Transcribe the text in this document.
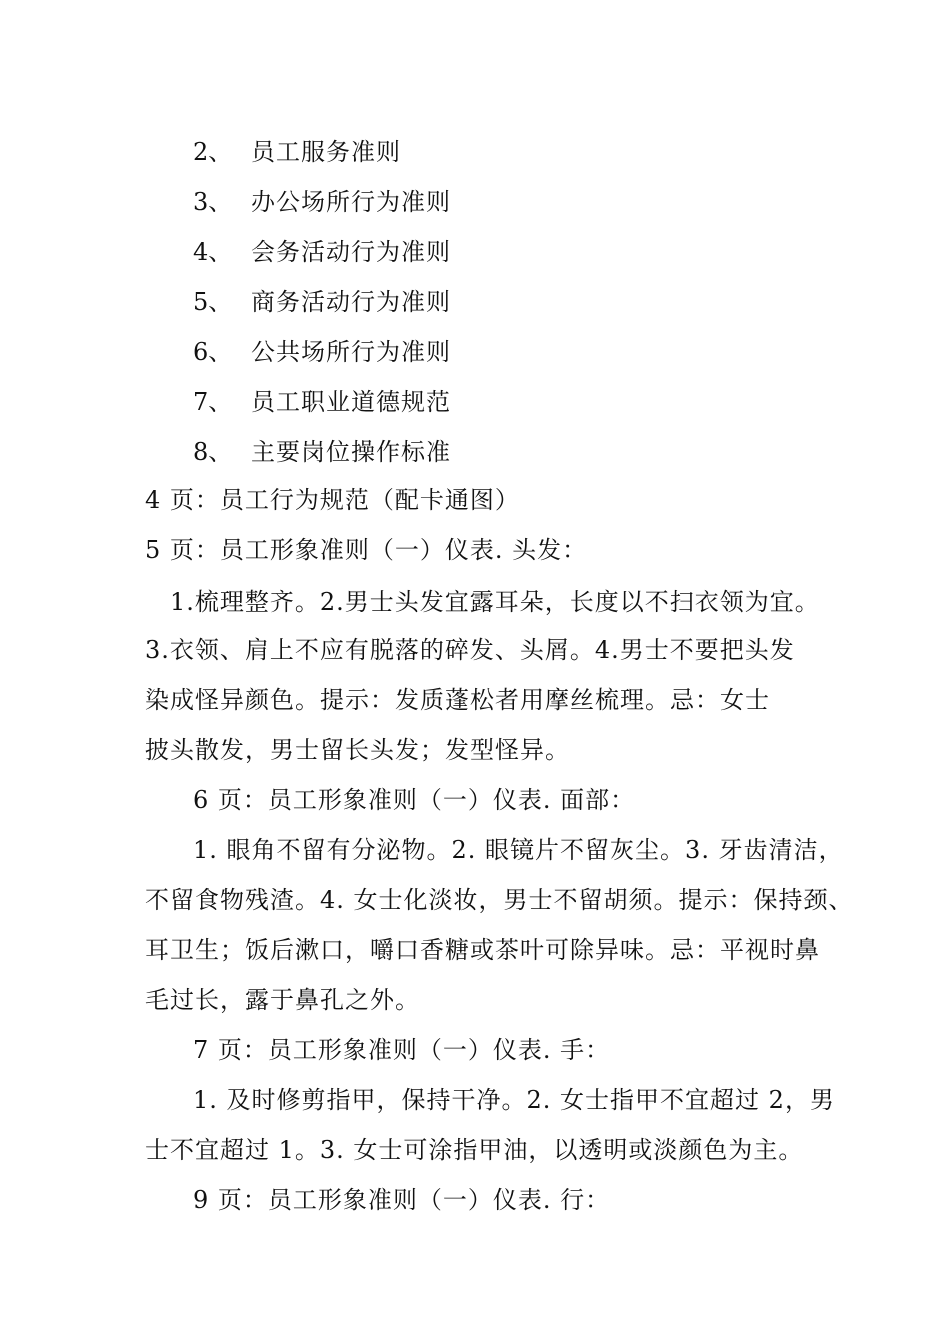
2、 员工服务准则
3、 办公场所行为准则
4、 会务活动行为准则
5、 商务活动行为准则
6、 公共场所行为准则
7、 员工职业道德规范
8、 主要岗位操作标准
4 页：员工行为规范（配卡通图）
5 页：员工形象准则（一）仪表. 头发：
1.梳理整齐。2.男士头发宜露耳朵，长度以不扫衣领为宜。
3.衣领、肩上不应有脱落的碎发、头屑。4.男士不要把头发
染成怪异颜色。提示：发质蓬松者用摩丝梳理。忌：女士
披头散发，男士留长头发；发型怪异。
6 页：员工形象准则（一）仪表. 面部：
1. 眼角不留有分泌物。2. 眼镜片不留灰尘。3. 牙齿清洁，
不留食物残渣。4. 女士化淡妆，男士不留胡须。提示：保持颈、
耳卫生；饭后漱口，嚼口香糖或茶叶可除异味。忌：平视时鼻
毛过长，露于鼻孔之外。
7 页：员工形象准则（一）仪表. 手：
1. 及时修剪指甲，保持干净。2. 女士指甲不宜超过 2，男
士不宜超过 1。3. 女士可涂指甲油，以透明或淡颜色为主。
9 页：员工形象准则（一）仪表. 行：
